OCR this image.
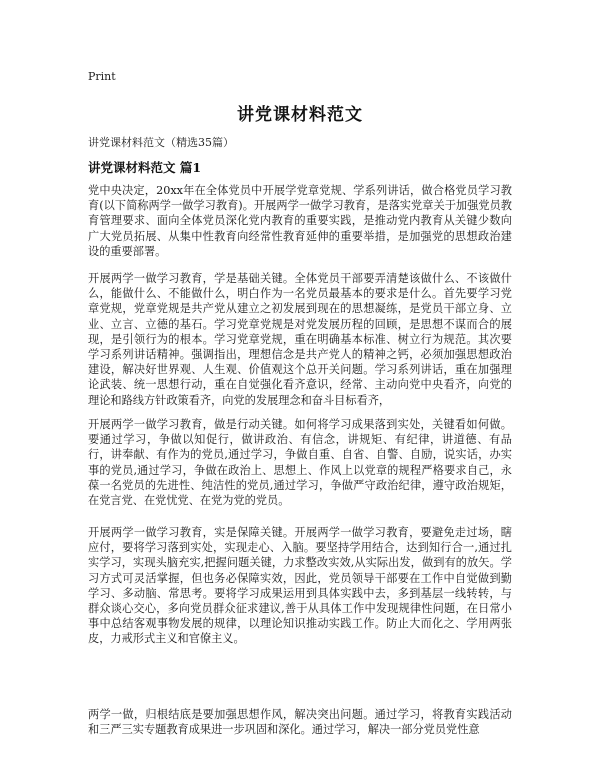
Print
讲党课材料范文
讲党课材料范文（精选35篇）
讲党课材料范文 篇1

党中央决定，20xx年在全体党员中开展学党章党规、学系列讲话，做合格党员学习教育(以下简称两学一做学习教育)。开展两学一做学习教育，是落实党章关于加强党员教育管理要求、面向全体党员深化党内教育的重要实践，是推动党内教育从关键少数向广大党员拓展、从集中性教育向经常性教育延伸的重要举措，是加强党的思想政治建设的重要部署。

开展两学一做学习教育，学是基础关键。全体党员干部要弄清楚该做什么、不该做什么，能做什么、不能做什么，明白作为一名党员最基本的要求是什么。首先要学习党章党规，党章党规是共产党从建立之初发展到现在的思想凝练，是党员干部立身、立业、立言、立德的基石。学习党章党规是对党发展历程的回顾，是思想不谋而合的展现，是引领行为的根本。学习党章党规，重在明确基本标准、树立行为规范。其次要学习系列讲话精神。强调指出，理想信念是共产党人的精神之钙，必须加强思想政治建设，解决好世界观、人生观、价值观这个总开关问题。学习系列讲话，重在加强理论武装、统一思想行动，重在自觉强化看齐意识，经常、主动向党中央看齐，向党的理论和路线方针政策看齐，向党的发展理念和奋斗目标看齐，

开展两学一做学习教育，做是行动关键。如何将学习成果落到实处，关键看如何做。要通过学习，争做以知促行，做讲政治、有信念，讲规矩、有纪律，讲道德、有品行，讲奉献、有作为的党员,通过学习，争做自重、自省、自警、自励，说实话，办实事的党员,通过学习，争做在政治上、思想上、作风上以党章的规程严格要求自己，永葆一名党员的先进性、纯洁性的党员,通过学习，争做严守政治纪律，遵守政治规矩，在党言党、在党忧党、在党为党的党员。

开展两学一做学习教育，实是保障关键。开展两学一做学习教育，要避免走过场，瞎应付，要将学习落到实处，实现走心、入脑。要坚持学用结合，达到知行合一,通过扎实学习，实现头脑充实,把握问题关键，力求整改实效,从实际出发，做到有的放矢。学习方式可灵活掌握，但也务必保障实效，因此，党员领导干部要在工作中自觉做到勤学习、多动脑、常思考。要将学习成果运用到具体实践中去，多到基层一线转转，与群众谈心交心，多向党员群众征求建议,善于从具体工作中发现规律性问题，在日常小事中总结客观事物发展的规律，以理论知识推动实践工作。防止大而化之、学用两张皮，力戒形式主义和官僚主义。

两学一做，归根结底是要加强思想作风，解决突出问题。通过学习，将教育实践活动和三严三实专题教育成果进一步巩固和深化。通过学习，解决一部分党员党性意
